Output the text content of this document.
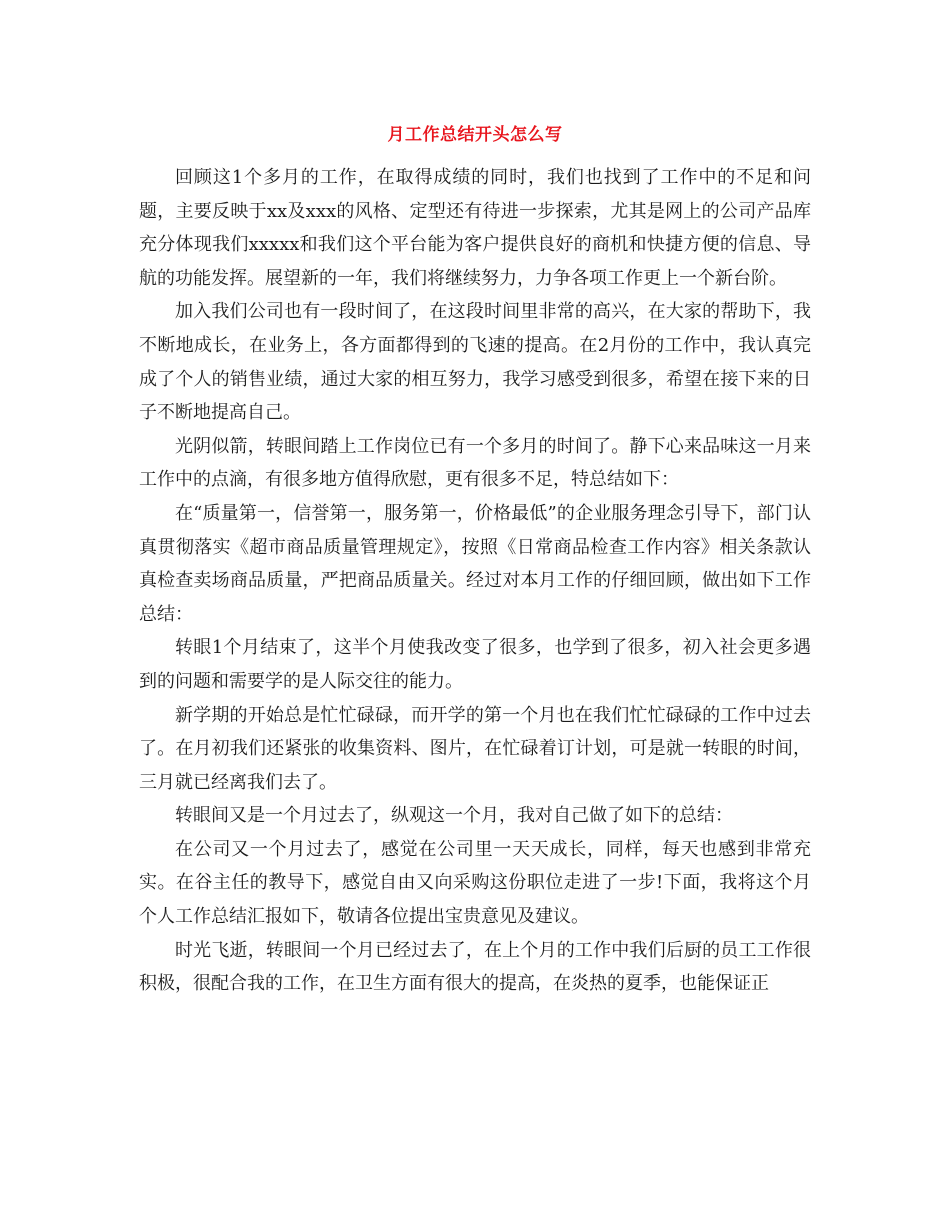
月工作总结开头怎么写

回顾这1个多月的工作，在取得成绩的同时，我们也找到了工作中的不足和问题，主要反映于xx及xxx的风格、定型还有待进一步探索，尤其是网上的公司产品库充分体现我们xxxxx和我们这个平台能为客户提供良好的商机和快捷方便的信息、导航的功能发挥。展望新的一年，我们将继续努力，力争各项工作更上一个新台阶。

加入我们公司也有一段时间了，在这段时间里非常的高兴，在大家的帮助下，我不断地成长，在业务上，各方面都得到的飞速的提高。在2月份的工作中，我认真完成了个人的销售业绩，通过大家的相互努力，我学习感受到很多，希望在接下来的日子不断地提高自己。

光阴似箭，转眼间踏上工作岗位已有一个多月的时间了。静下心来品味这一月来工作中的点滴，有很多地方值得欣慰，更有很多不足，特总结如下：

在“质量第一，信誉第一，服务第一，价格最低”的企业服务理念引导下，部门认真贯彻落实《超市商品质量管理规定》，按照《日常商品检查工作内容》相关条款认真检查卖场商品质量，严把商品质量关。经过对本月工作的仔细回顾，做出如下工作总结：

转眼1个月结束了，这半个月使我改变了很多，也学到了很多，初入社会更多遇到的问题和需要学的是人际交往的能力。

新学期的开始总是忙忙碌碌，而开学的第一个月也在我们忙忙碌碌的工作中过去了。在月初我们还紧张的收集资料、图片，在忙碌着订计划，可是就一转眼的时间，三月就已经离我们去了。

转眼间又是一个月过去了，纵观这一个月，我对自己做了如下的总结：

在公司又一个月过去了，感觉在公司里一天天成长，同样，每天也感到非常充实。在谷主任的教导下，感觉自由又向采购这份职位走进了一步!下面，我将这个月个人工作总结汇报如下，敬请各位提出宝贵意见及建议。

时光飞逝，转眼间一个月已经过去了，在上个月的工作中我们后厨的员工工作很积极，很配合我的工作，在卫生方面有很大的提高，在炎热的夏季，也能保证正
